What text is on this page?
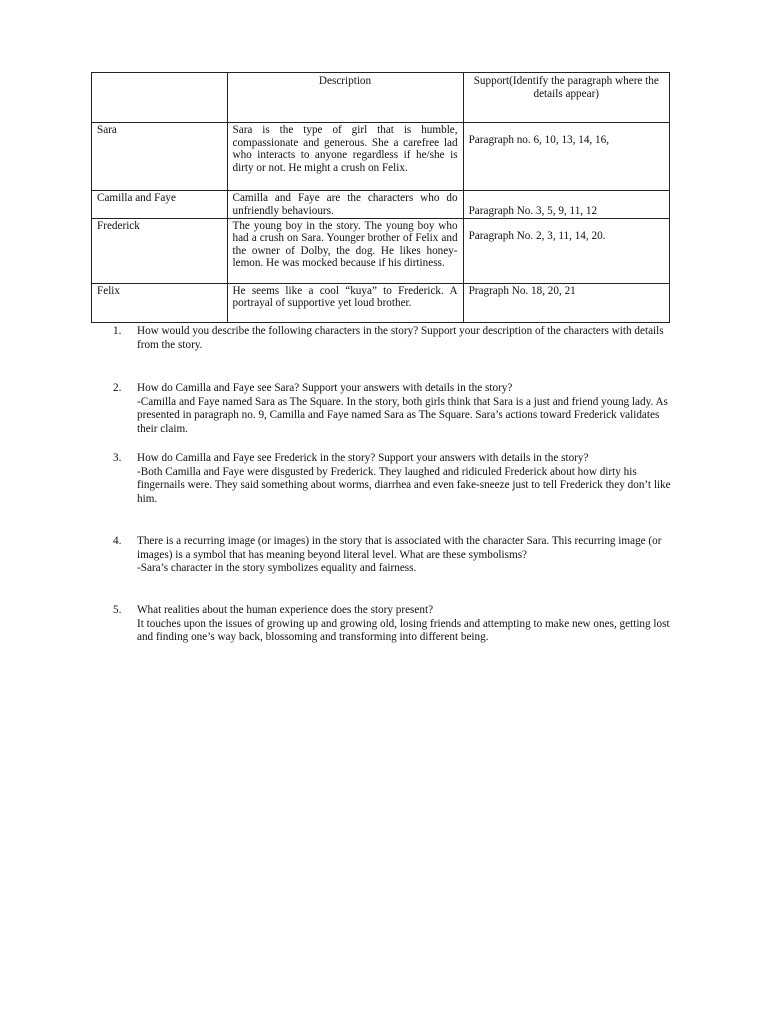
	Description	Support(Identify the paragraph where the details appear)
Sara	Sara is the type of girl that is humble, compassionate and generous. She a carefree lad who interacts to anyone regardless if he/she is dirty or not. He might a crush on Felix.	Paragraph no. 6, 10, 13, 14, 16,
Camilla and Faye	Camilla and Faye are the characters who do unfriendly behaviours.	Paragraph No. 3, 5, 9, 11, 12
Frederick	The young boy in the story. The young boy who had a crush on Sara. Younger brother of Felix and the owner of Dolby, the dog. He likes honey-lemon. He was mocked because if his dirtiness.	Paragraph No. 2, 3, 11, 14, 20.
Felix	He seems like a cool “kuya” to Frederick. A portrayal of supportive yet loud brother.	Pragraph No. 18, 20, 21
1. How would you describe the following characters in the story? Support your description of the characters with details from the story.
2. How do Camilla and Faye see Sara? Support your answers with details in the story?
-Camilla and Faye named Sara as The Square. In the story, both girls think that Sara is a just and friend young lady. As presented in paragraph no. 9, Camilla and Faye named Sara as The Square. Sara’s actions toward Frederick validates their claim.
3. How do Camilla and Faye see Frederick in the story? Support your answers with details in the story?
-Both Camilla and Faye were disgusted by Frederick. They laughed and ridiculed Frederick about how dirty his fingernails were. They said something about worms, diarrhea and even fake-sneeze just to tell Frederick they don’t like him.
4. There is a recurring image (or images) in the story that is associated with the character Sara. This recurring image (or images) is a symbol that has meaning beyond literal level. What are these symbolisms?
-Sara’s character in the story symbolizes equality and fairness.
5. What realities about the human experience does the story present?
It touches upon the issues of growing up and growing old, losing friends and attempting to make new ones, getting lost and finding one’s way back, blossoming and transforming into different being.
